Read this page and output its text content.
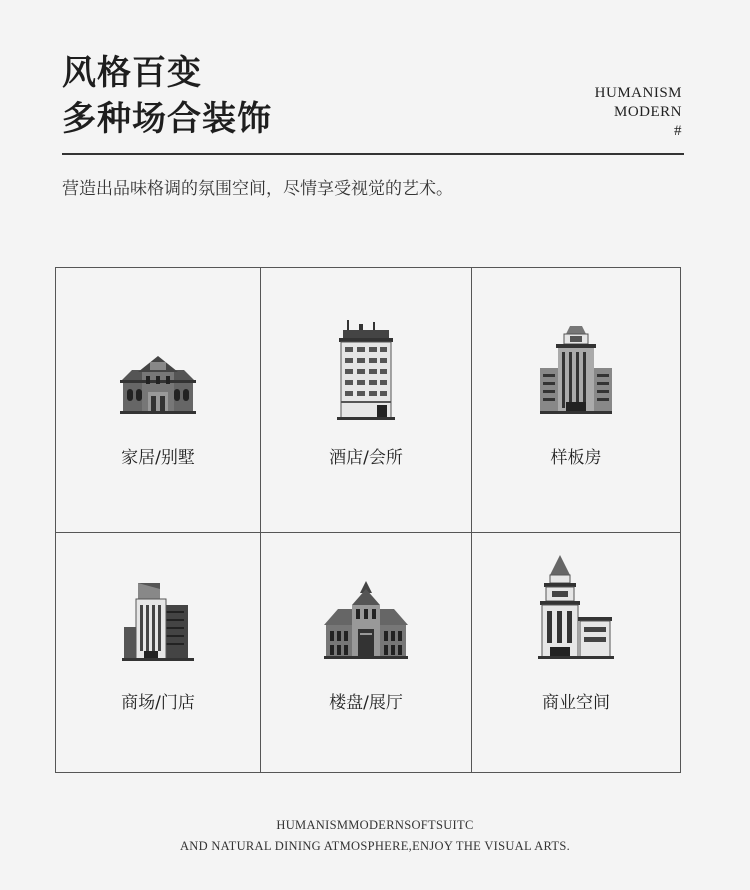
风格百变
多种场合装饰
HUMANISM
MODERN
#
营造出品味格调的氛围空间，尽情享受视觉的艺术。
家居/别墅	酒店/会所	样板房
商场/门店	楼盘/展厅	商业空间
HUMANISMMODERNSOFTSUITC
AND NATURAL DINING ATMOSPHERE,ENJOY THE VISUAL ARTS.
